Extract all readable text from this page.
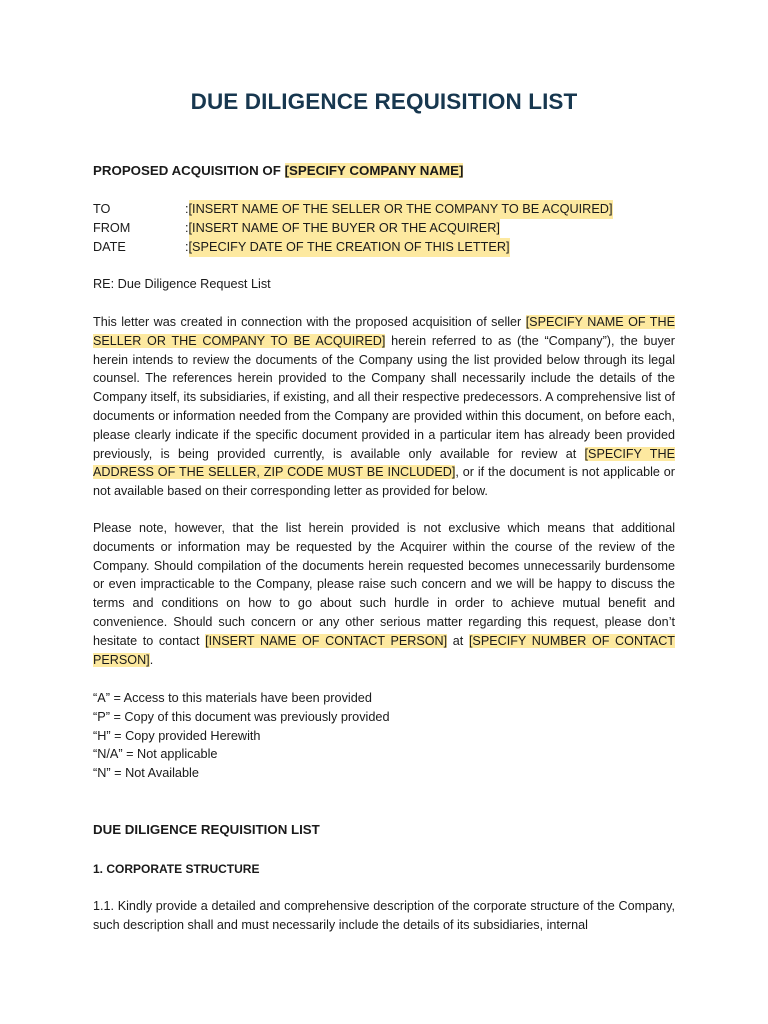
DUE DILIGENCE REQUISITION LIST

PROPOSED ACQUISITION OF [SPECIFY COMPANY NAME]

TO	: [INSERT NAME OF THE SELLER OR THE COMPANY TO BE ACQUIRED]
FROM	: [INSERT NAME OF THE BUYER OR THE ACQUIRER]
DATE	: [SPECIFY DATE OF THE CREATION OF THIS LETTER]
RE: Due Diligence Request List

This letter was created in connection with the proposed acquisition of seller [SPECIFY NAME OF THE SELLER OR THE COMPANY TO BE ACQUIRED] herein referred to as (the “Company”), the buyer herein intends to review the documents of the Company using the list provided below through its legal counsel. The references herein provided to the Company shall necessarily include the details of the Company itself, its subsidiaries, if existing, and all their respective predecessors. A comprehensive list of documents or information needed from the Company are provided within this document, on before each, please clearly indicate if the specific document provided in a particular item has already been provided previously, is being provided currently, is available only available for review at [SPECIFY THE ADDRESS OF THE SELLER, ZIP CODE MUST BE INCLUDED], or if the document is not applicable or not available based on their corresponding letter as provided for below.

Please note, however, that the list herein provided is not exclusive which means that additional documents or information may be requested by the Acquirer within the course of the review of the Company. Should compilation of the documents herein requested becomes unnecessarily burdensome or even impracticable to the Company, please raise such concern and we will be happy to discuss the terms and conditions on how to go about such hurdle in order to achieve mutual benefit and convenience. Should such concern or any other serious matter regarding this request, please don’t hesitate to contact [INSERT NAME OF CONTACT PERSON] at [SPECIFY NUMBER OF CONTACT PERSON].

“A” = Access to this materials have been provided
“P” = Copy of this document was previously provided
“H” = Copy provided Herewith
“N/A” = Not applicable
“N” = Not Available

DUE DILIGENCE REQUISITION LIST

1. CORPORATE STRUCTURE

1.1. Kindly provide a detailed and comprehensive description of the corporate structure of the Company, such description shall and must necessarily include the details of its subsidiaries, internal
